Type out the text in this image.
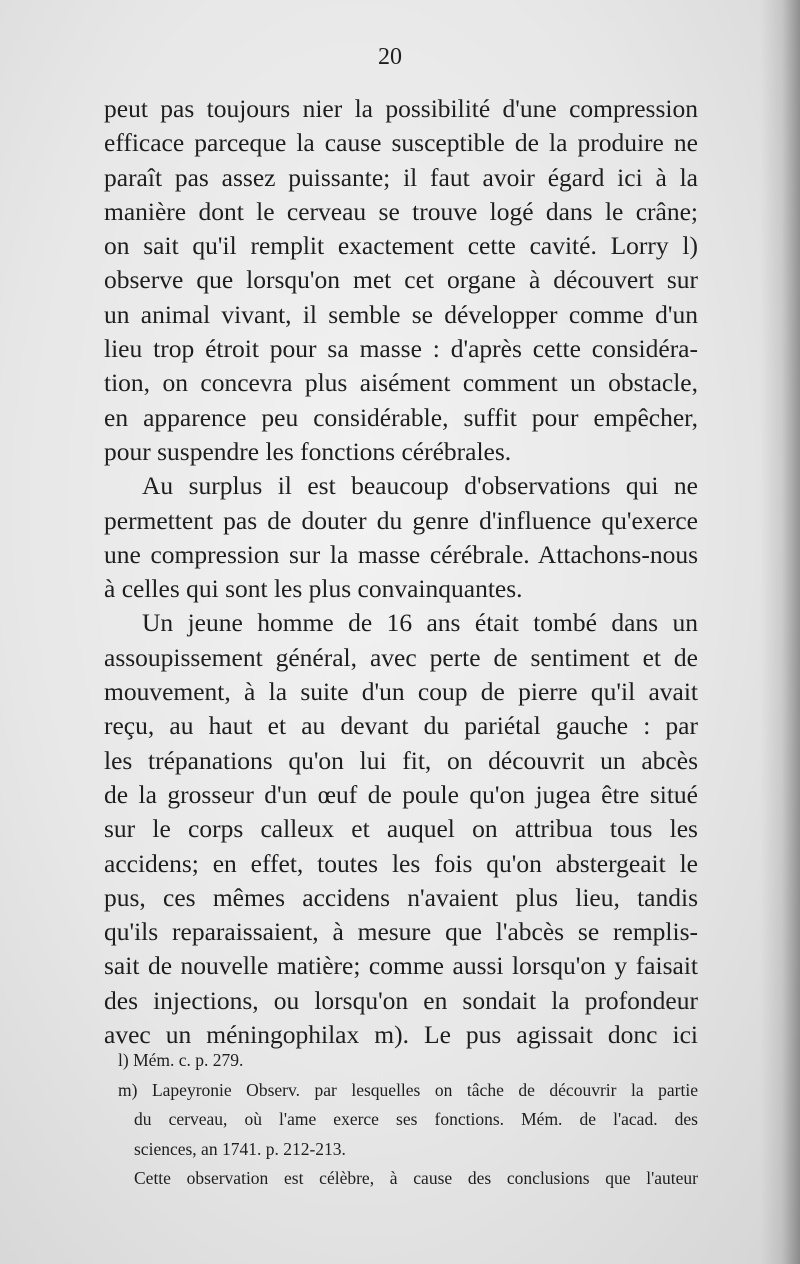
20
peut pas toujours nier la possibilité d'une compression
efficace parceque la cause susceptible de la produire ne
paraît pas assez puissante; il faut avoir égard ici à la
manière dont le cerveau se trouve logé dans le crâne;
on sait qu'il remplit exactement cette cavité. Lorry l)
observe que lorsqu'on met cet organe à découvert sur
un animal vivant, il semble se développer comme d'un
lieu trop étroit pour sa masse : d'après cette considéra-
tion, on concevra plus aisément comment un obstacle,
en apparence peu considérable, suffit pour empêcher,
pour suspendre les fonctions cérébrales.
Au surplus il est beaucoup d'observations qui ne
permettent pas de douter du genre d'influence qu'exerce
une compression sur la masse cérébrale. Attachons-nous
à celles qui sont les plus convainquantes.
Un jeune homme de 16 ans était tombé dans un
assoupissement général, avec perte de sentiment et de
mouvement, à la suite d'un coup de pierre qu'il avait
reçu, au haut et au devant du pariétal gauche : par
les trépanations qu'on lui fit, on découvrit un abcès
de la grosseur d'un œuf de poule qu'on jugea être situé
sur le corps calleux et auquel on attribua tous les
accidens; en effet, toutes les fois qu'on abstergeait le
pus, ces mêmes accidens n'avaient plus lieu, tandis
qu'ils reparaissaient, à mesure que l'abcès se remplis-
sait de nouvelle matière; comme aussi lorsqu'on y faisait
des injections, ou lorsqu'on en sondait la profondeur
avec un méningophilax m). Le pus agissait donc ici
l) Mém. c. p. 279.
m) Lapeyronie Observ. par lesquelles on tâche de découvrir la partie
du cerveau, où l'ame exerce ses fonctions. Mém. de l'acad. des
sciences, an 1741. p. 212-213.
Cette observation est célèbre, à cause des conclusions que l'auteur
